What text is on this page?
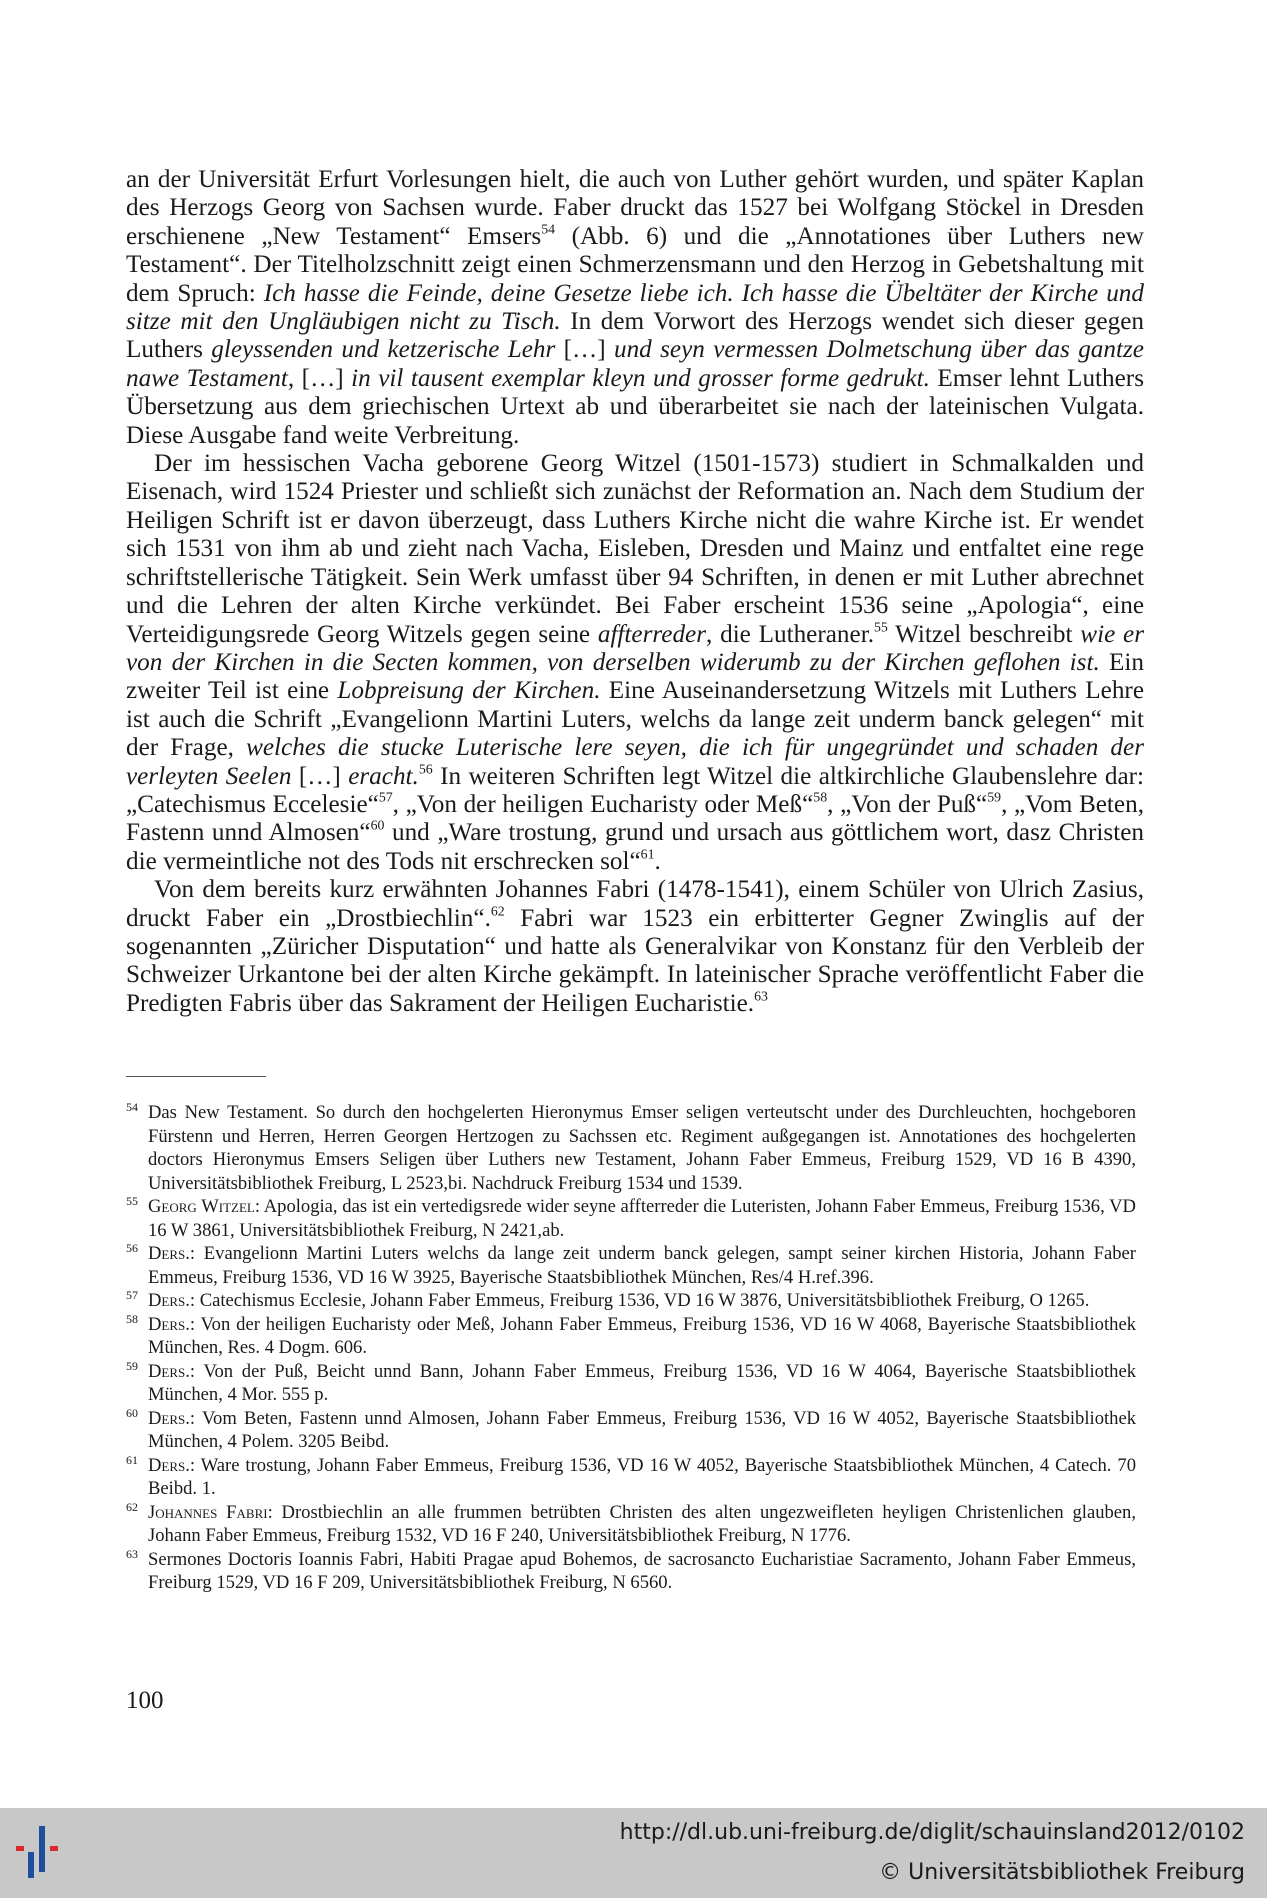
an der Universität Erfurt Vorlesungen hielt, die auch von Luther gehört wurden, und später Kaplan des Herzogs Georg von Sachsen wurde. Faber druckt das 1527 bei Wolfgang Stöckel in Dresden erschienene „New Testament“ Emsers$^{54}$ (Abb. 6) und die „Annotationes über Luthers new Testament“. Der Titelholzschnitt zeigt einen Schmerzensmann und den Herzog in Gebetshaltung mit dem Spruch: Ich hasse die Feinde, deine Gesetze liebe ich. Ich hasse die Übeltäter der Kirche und sitze mit den Ungläubigen nicht zu Tisch. In dem Vorwort des Herzogs wendet sich dieser gegen Luthers gleyssenden und ketzerische Lehr […] und seyn vermessen Dolmetschung über das gantze nawe Testament, […] in vil tausent exemplar kleyn und grosser forme gedrukt. Emser lehnt Luthers Übersetzung aus dem griechischen Urtext ab und überarbeitet sie nach der lateinischen Vulgata. Diese Ausgabe fand weite Verbreitung.

Der im hessischen Vacha geborene Georg Witzel (1501-1573) studiert in Schmalkalden und Eisenach, wird 1524 Priester und schließt sich zunächst der Reformation an. Nach dem Studium der Heiligen Schrift ist er davon überzeugt, dass Luthers Kirche nicht die wahre Kirche ist. Er wendet sich 1531 von ihm ab und zieht nach Vacha, Eisleben, Dresden und Mainz und entfaltet eine rege schriftstellerische Tätigkeit. Sein Werk umfasst über 94 Schriften, in denen er mit Luther abrechnet und die Lehren der alten Kirche verkündet. Bei Faber erscheint 1536 seine „Apologia“, eine Verteidigungsrede Georg Witzels gegen seine affterreder, die Lutheraner.$^{55}$ Witzel beschreibt wie er von der Kirchen in die Secten kommen, von derselben widerumb zu der Kirchen geflohen ist. Ein zweiter Teil ist eine Lobpreisung der Kirchen. Eine Auseinandersetzung Witzels mit Luthers Lehre ist auch die Schrift „Evangelionn Martini Luters, welchs da lange zeit underm banck gelegen“ mit der Frage, welches die stucke Luterische lere seyen, die ich für ungegründet und schaden der verleyten Seelen […] eracht.$^{56}$ In weiteren Schriften legt Witzel die altkirchliche Glaubenslehre dar: „Catechismus Eccelesie“$^{57}$, „Von der heiligen Eucharisty oder Meß“$^{58}$, „Von der Puß“$^{59}$, „Vom Beten, Fastenn unnd Almosen“$^{60}$ und „Ware trostung, grund und ursach aus göttlichem wort, dasz Christen die vermeintliche not des Tods nit erschrecken sol“$^{61}$.

Von dem bereits kurz erwähnten Johannes Fabri (1478-1541), einem Schüler von Ulrich Zasius, druckt Faber ein „Drostbiechlin“.$^{62}$ Fabri war 1523 ein erbitterter Gegner Zwinglis auf der sogenannten „Züricher Disputation“ und hatte als Generalvikar von Konstanz für den Verbleib der Schweizer Urkantone bei der alten Kirche gekämpft. In lateinischer Sprache veröffentlicht Faber die Predigten Fabris über das Sakrament der Heiligen Eucharistie.$^{63}$

54 Das New Testament. So durch den hochgelerten Hieronymus Emser seligen verteutscht under des Durchleuchten, hochgeboren Fürstenn und Herren, Herren Georgen Hertzogen zu Sachssen etc. Regiment außgegangen ist. Annotationes des hochgelerten doctors Hieronymus Emsers Seligen über Luthers new Testament, Johann Faber Emmeus, Freiburg 1529, VD 16 B 4390, Universitätsbibliothek Freiburg, L 2523,bi. Nachdruck Freiburg 1534 und 1539.
55 Georg Witzel: Apologia, das ist ein vertedigsrede wider seyne affterreder die Luteristen, Johann Faber Emmeus, Freiburg 1536, VD 16 W 3861, Universitätsbibliothek Freiburg, N 2421,ab.
56 Ders.: Evangelionn Martini Luters welchs da lange zeit underm banck gelegen, sampt seiner kirchen Historia, Johann Faber Emmeus, Freiburg 1536, VD 16 W 3925, Bayerische Staatsbibliothek München, Res/4 H.ref.396.
57 Ders.: Catechismus Ecclesie, Johann Faber Emmeus, Freiburg 1536, VD 16 W 3876, Universitätsbibliothek Freiburg, O 1265.
58 Ders.: Von der heiligen Eucharisty oder Meß, Johann Faber Emmeus, Freiburg 1536, VD 16 W 4068, Bayerische Staatsbibliothek München, Res. 4 Dogm. 606.
59 Ders.: Von der Puß, Beicht unnd Bann, Johann Faber Emmeus, Freiburg 1536, VD 16 W 4064, Bayerische Staatsbibliothek München, 4 Mor. 555 p.
60 Ders.: Vom Beten, Fastenn unnd Almosen, Johann Faber Emmeus, Freiburg 1536, VD 16 W 4052, Bayerische Staatsbibliothek München, 4 Polem. 3205 Beibd.
61 Ders.: Ware trostung, Johann Faber Emmeus, Freiburg 1536, VD 16 W 4052, Bayerische Staatsbibliothek München, 4 Catech. 70 Beibd. 1.
62 Johannes Fabri: Drostbiechlin an alle frummen betrübten Christen des alten ungezweifleten heyligen Christenlichen glauben, Johann Faber Emmeus, Freiburg 1532, VD 16 F 240, Universitätsbibliothek Freiburg, N 1776.
63 Sermones Doctoris Ioannis Fabri, Habiti Pragae apud Bohemos, de sacrosancto Eucharistiae Sacramento, Johann Faber Emmeus, Freiburg 1529, VD 16 F 209, Universitätsbibliothek Freiburg, N 6560.
100
http://dl.ub.uni-freiburg.de/diglit/schauinsland2012/0102
© Universitätsbibliothek Freiburg
